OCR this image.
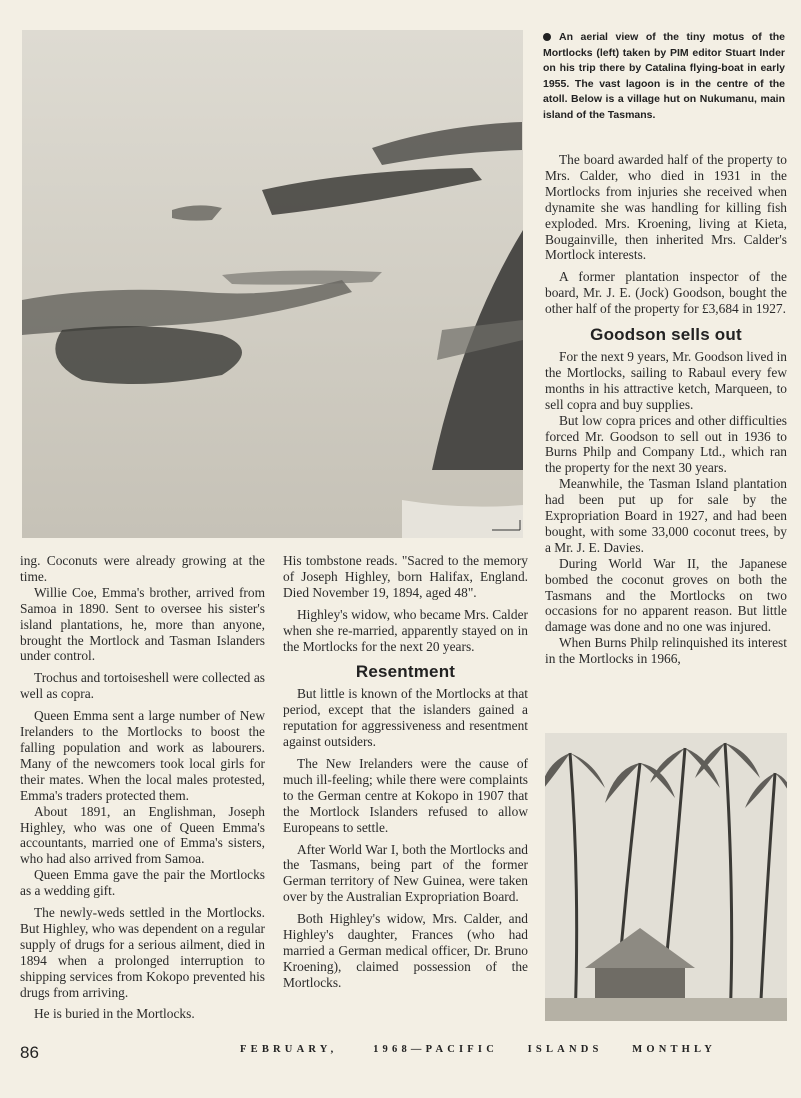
An aerial view of the tiny motus of the Mortlocks (left) taken by PIM editor Stuart Inder on his trip there by Catalina flying-boat in early 1955. The vast lagoon is in the centre of the atoll. Below is a village hut on Nukumanu, main island of the Tasmans.

ing. Coconuts were already growing at the time.

Willie Coe, Emma's brother, arrived from Samoa in 1890. Sent to oversee his sister's island plantations, he, more than anyone, brought the Mortlock and Tasman Islanders under control.

Trochus and tortoiseshell were collected as well as copra.

Queen Emma sent a large number of New Irelanders to the Mortlocks to boost the falling population and work as labourers. Many of the newcomers took local girls for their mates. When the local males protested, Emma's traders protected them.

About 1891, an Englishman, Joseph Highley, who was one of Queen Emma's accountants, married one of Emma's sisters, who had also arrived from Samoa.

Queen Emma gave the pair the Mortlocks as a wedding gift.

The newly-weds settled in the Mortlocks. But Highley, who was dependent on a regular supply of drugs for a serious ailment, died in 1894 when a prolonged interruption to shipping services from Kokopo prevented his drugs from arriving.

He is buried in the Mortlocks.

His tombstone reads. "Sacred to the memory of Joseph Highley, born Halifax, England. Died November 19, 1894, aged 48".

Highley's widow, who became Mrs. Calder when she re-married, apparently stayed on in the Mortlocks for the next 20 years.

Resentment

But little is known of the Mortlocks at that period, except that the islanders gained a reputation for aggressiveness and resentment against outsiders.

The New Irelanders were the cause of much ill-feeling; while there were complaints to the German centre at Kokopo in 1907 that the Mortlock Islanders refused to allow Europeans to settle.

After World War I, both the Mortlocks and the Tasmans, being part of the former German territory of New Guinea, were taken over by the Australian Expropriation Board.

Both Highley's widow, Mrs. Calder, and Highley's daughter, Frances (who had married a German medical officer, Dr. Bruno Kroening), claimed possession of the Mortlocks.

The board awarded half of the property to Mrs. Calder, who died in 1931 in the Mortlocks from injuries she received when dynamite she was handling for killing fish exploded. Mrs. Kroening, living at Kieta, Bougainville, then inherited Mrs. Calder's Mortlock interests.

A former plantation inspector of the board, Mr. J. E. (Jock) Goodson, bought the other half of the property for £3,684 in 1927.

Goodson sells out

For the next 9 years, Mr. Goodson lived in the Mortlocks, sailing to Rabaul every few months in his attractive ketch, Marqueen, to sell copra and buy supplies.

But low copra prices and other difficulties forced Mr. Goodson to sell out in 1936 to Burns Philp and Company Ltd., which ran the property for the next 30 years.

Meanwhile, the Tasman Island plantation had been put up for sale by the Expropriation Board in 1927, and had been bought, with some 33,000 coconut trees, by a Mr. J. E. Davies.

During World War II, the Japanese bombed the coconut groves on both the Tasmans and the Mortlocks on two occasions for no apparent reason. But little damage was done and no one was injured.

When Burns Philp relinquished its interest in the Mortlocks in 1966,

86	FEBRUARY,	1968—PACIFIC	ISLANDS	MONTHLY
